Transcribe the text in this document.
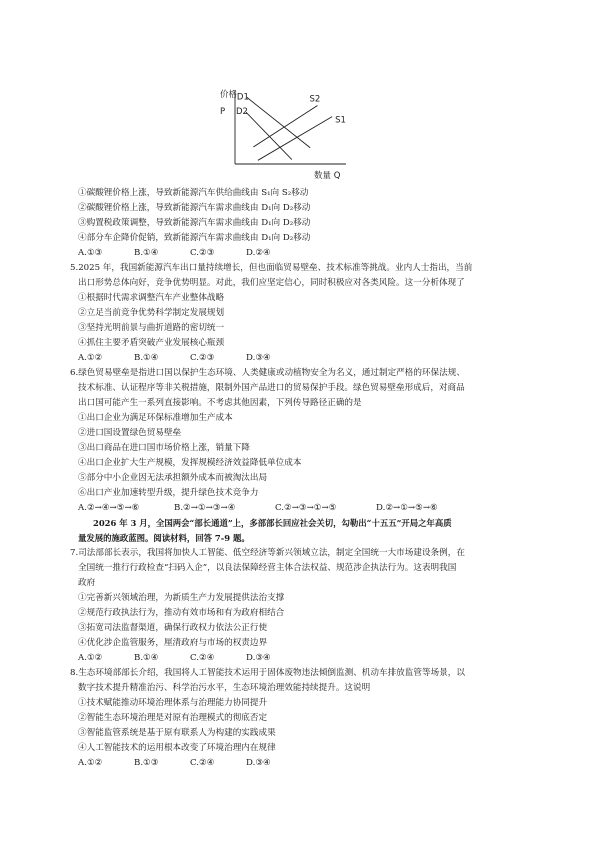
D1
D2
S1
S2
价格
P
数量 Q
①碳酸锂价格上涨，导致新能源汽车供给曲线由 S₁向 S₂移动
②碳酸锂价格上涨，导致新能源汽车需求曲线由 D₁向 D₂移动
③购置税政策调整，导致新能源汽车需求曲线由 D₁向 D₂移动
④部分车企降价促销，致新能源汽车需求曲线由 D₁向 D₂移动
A.①③	B.①④	C.②③	D.②④
5.2025 年，我国新能源汽车出口量持续增长，但也面临贸易壁垒、技术标准等挑战。业内人士指出，当前
出口形势总体向好，竞争优势明显。对此，我们应坚定信心，同时积极应对各类风险。这一分析体现了
①根据时代需求调整汽车产业整体战略
②立足当前竞争优势科学制定发展规划
③坚持光明前景与曲折道路的密切统一
④抓住主要矛盾突破产业发展核心瓶颈
A.①②	B.①④	C.②③	D.③④
6.绿色贸易壁垒是指进口国以保护生态环境、人类健康或动植物安全为名义，通过制定严格的环保法规、
技术标准、认证程序等非关税措施，限制外国产品进口的贸易保护手段。绿色贸易壁垒形成后，对商品
出口国可能产生一系列直接影响。不考虑其他因素，下列传导路径正确的是
①出口企业为满足环保标准增加生产成本
②进口国设置绿色贸易壁垒
③出口商品在进口国市场价格上涨，销量下降
④出口企业扩大生产规模，发挥规模经济效益降低单位成本
⑤部分中小企业因无法承担额外成本而被淘汰出局
⑥出口产业加速转型升级，提升绿色技术竞争力
A.②→④→⑤→⑥	B.②→①→③→④	C.②→③→①→⑤	D.②→①→⑤→⑥
2026 年 3 月，全国两会“部长通道”上，多部部长回应社会关切，勾勒出“十五五”开局之年高质
量发展的施政蓝图。阅读材料，回答 7-9 题。
7.司法部部长表示，我国将加快人工智能、低空经济等新兴领域立法，制定全国统一大市场建设条例，在
全国统一推行行政检查“扫码入企”，以良法保障经营主体合法权益、规范涉企执法行为。这表明我国
政府
①完善新兴领域治理，为新质生产力发展提供法治支撑
②规范行政执法行为，推动有效市场和有为政府相结合
③拓宽司法监督渠道，确保行政权力依法公正行使
④优化涉企监管服务，厘清政府与市场的权责边界
A.①②	B.①④	C.②④	D.③④
8.生态环境部部长介绍，我国将人工智能技术运用于固体废物违法倾倒监测、机动车排放监管等场景，以
数字技术提升精准治污、科学治污水平，生态环境治理效能持续提升。这说明
①技术赋能推动环境治理体系与治理能力协同提升
②智能生态环境治理是对原有治理模式的彻底否定
③智能监管系统是基于原有联系人为构建的实践成果
④人工智能技术的运用根本改变了环境治理内在规律
A.①②	B.①③	C.②④	D.③④
